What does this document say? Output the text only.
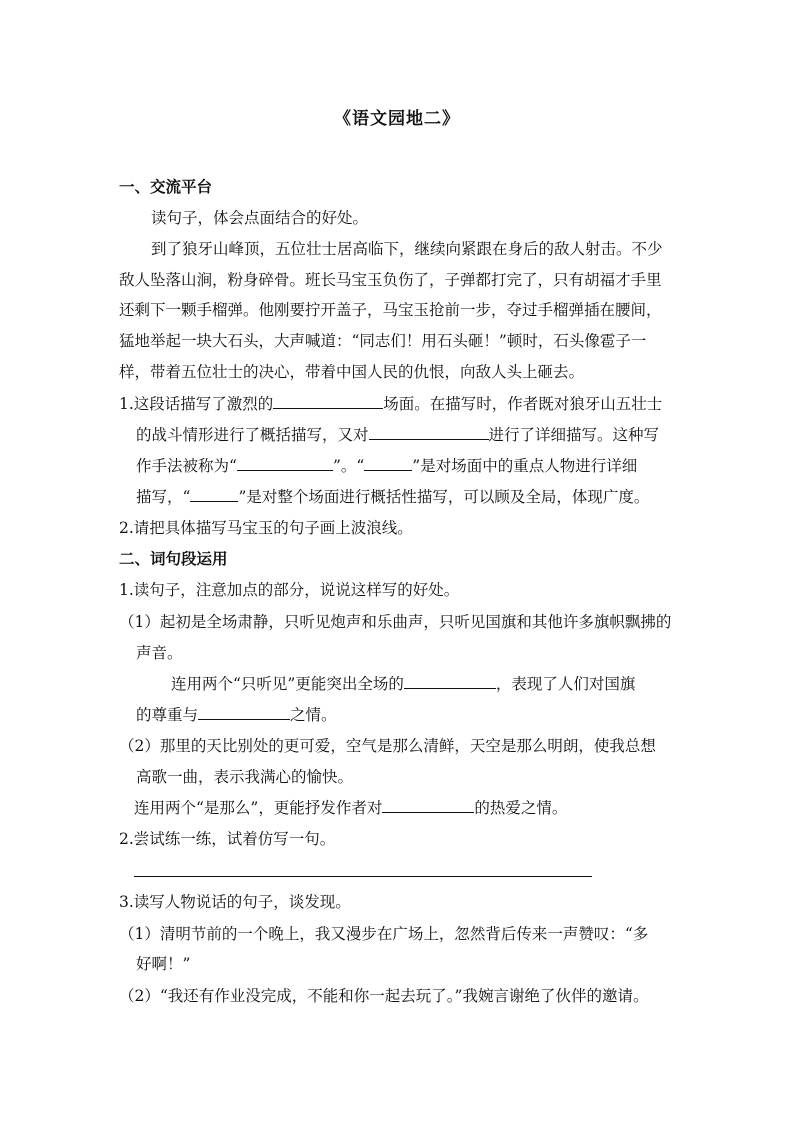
《语文园地二》
一、交流平台
读句子，体会点面结合的好处。
到了狼牙山峰顶，五位壮士居高临下，继续向紧跟在身后的敌人射击。不少
敌人坠落山涧，粉身碎骨。班长马宝玉负伤了，子弹都打完了，只有胡福才手里
还剩下一颗手榴弹。他刚要拧开盖子，马宝玉抢前一步，夺过手榴弹插在腰间，
猛地举起一块大石头，大声喊道：“同志们！用石头砸！”顿时，石头像雹子一
样，带着五位壮士的决心，带着中国人民的仇恨，向敌人头上砸去。
1.这段话描写了激烈的	场面。在描写时，作者既对狼牙山五壮士
的战斗情形进行了概括描写，又对	进行了详细描写。这种写
作手法被称为“	”。“	”是对场面中的重点人物进行详细
描写，“	”是对整个场面进行概括性描写，可以顾及全局，体现广度。
2.请把具体描写马宝玉的句子画上波浪线。
二、词句段运用
1.读句子，注意加点的部分，说说这样写的好处。
（1）起初是全场肃静，只听见炮声和乐曲声，只听见国旗和其他许多旗帜飘拂的
声音。
连用两个“只听见”更能突出全场的	，表现了人们对国旗
的尊重与	之情。
（2）那里的天比别处的更可爱，空气是那么清鲜，天空是那么明朗，使我总想
高歌一曲，表示我满心的愉快。
连用两个“是那么”，更能抒发作者对	的热爱之情。
2.尝试练一练，试着仿写一句。
3.读写人物说话的句子，谈发现。
（1）清明节前的一个晚上，我又漫步在广场上，忽然背后传来一声赞叹：“多
好啊！”
（2）“我还有作业没完成，不能和你一起去玩了。”我婉言谢绝了伙伴的邀请。
